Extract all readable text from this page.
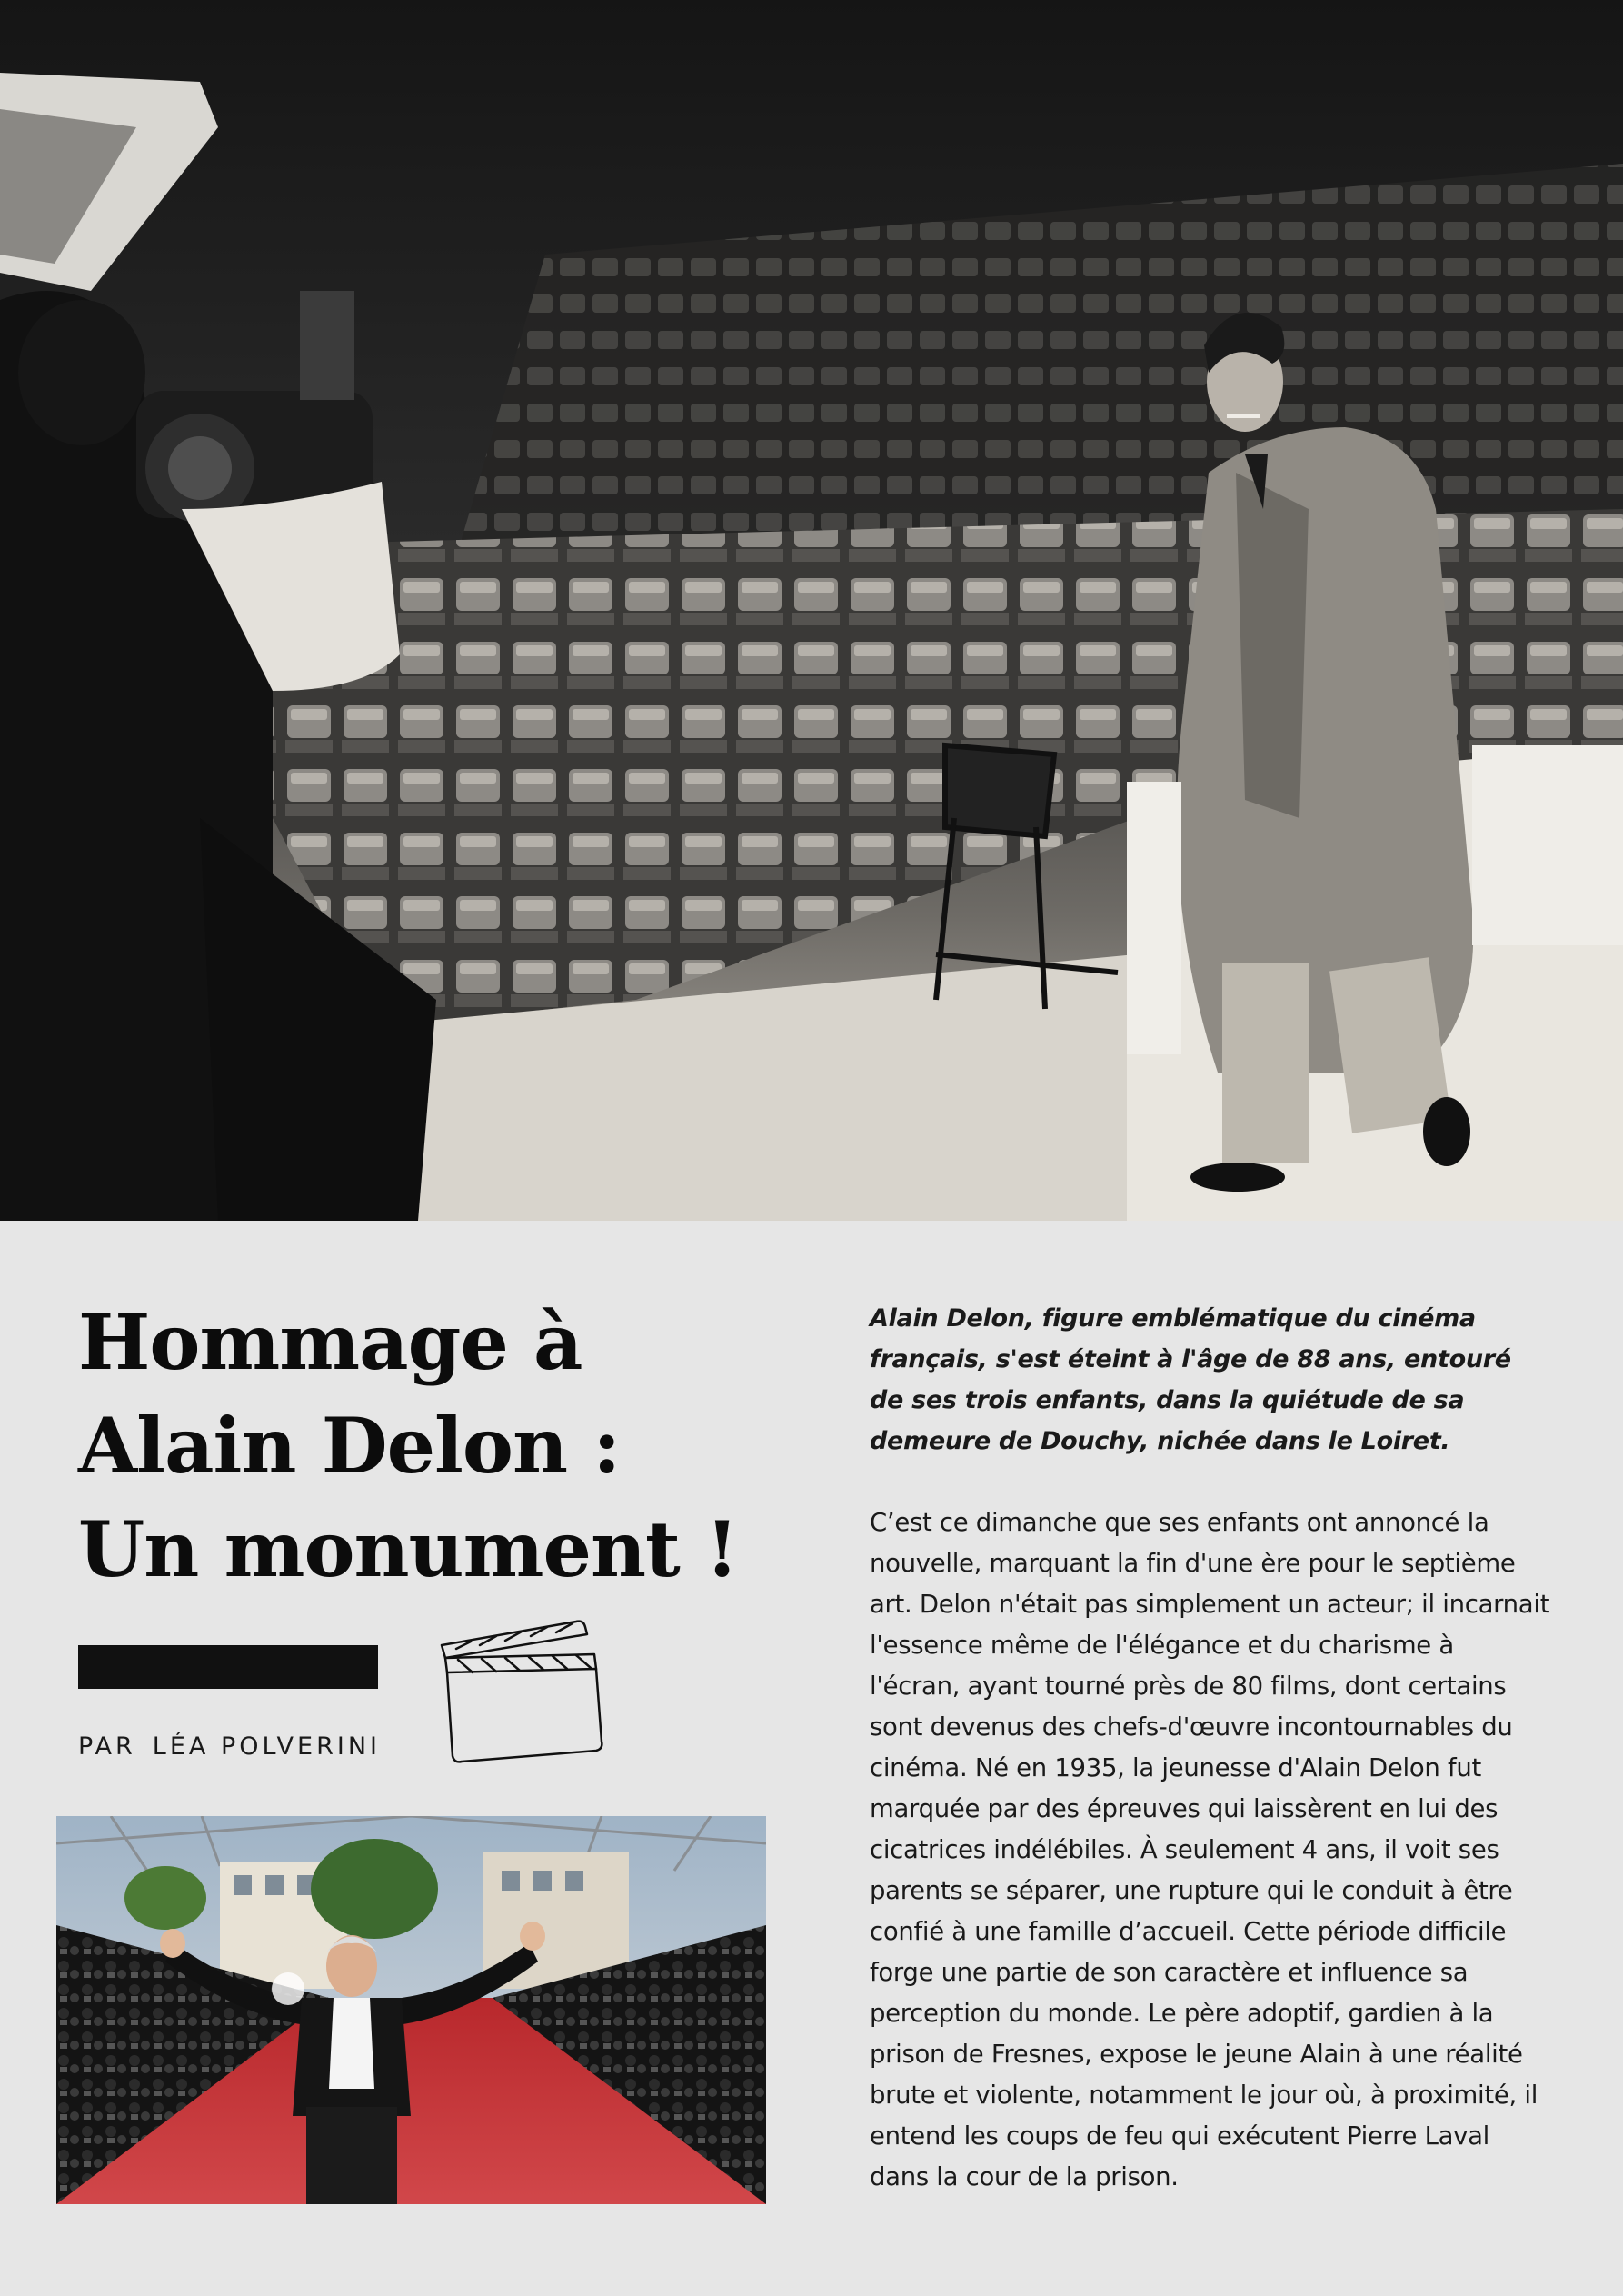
Hommage à
Alain Delon :
Un monument !
PAR LÉA POLVERINI

Alain Delon, figure emblématique du cinéma français, s'est éteint à l'âge de 88 ans, entouré de ses trois enfants, dans la quiétude de sa demeure de Douchy, nichée dans le Loiret.

C’est ce dimanche que ses enfants ont annoncé la nouvelle, marquant la fin d'une ère pour le septième art. Delon n'était pas simplement un acteur; il incarnait l'essence même de l'élégance et du charisme à l'écran, ayant tourné près de 80 films, dont certains sont devenus des chefs-d'œuvre incontournables du cinéma. Né en 1935, la jeunesse d'Alain Delon fut marquée par des épreuves qui laissèrent en lui des cicatrices indélébiles. À seulement 4 ans, il voit ses parents se séparer, une rupture qui le conduit à être confié à une famille d’accueil. Cette période difficile forge une partie de son caractère et influence sa perception du monde. Le père adoptif, gardien à la prison de Fresnes, expose le jeune Alain à une réalité brute et violente, notamment le jour où, à proximité, il entend les coups de feu qui exécutent Pierre Laval dans la cour de la prison.
